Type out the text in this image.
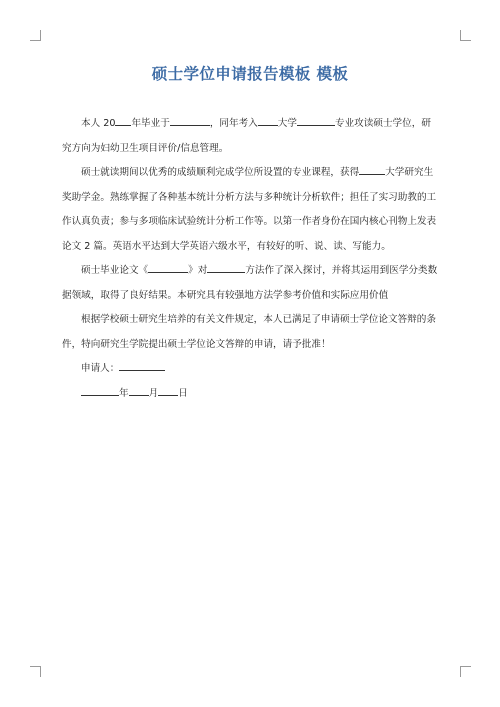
硕士学位申请报告模板 模板

本人 20 年毕业于	，同年考入 大学	专业攻读硕士学位，研究方向为妇幼卫生项目评价/信息管理。

硕士就读期间以优秀的成绩顺利完成学位所设置的专业课程，获得	大学研究生奖助学金。熟练掌握了各种基本统计分析方法与多种统计分析软件；担任了实习助教的工作认真负责；参与多项临床试验统计分析工作等。以第一作者身份在国内核心刊物上发表论文 2 篇。英语水平达到大学英语六级水平，有较好的听、说、读、写能力。

硕士毕业论文《	》对	方法作了深入探讨，并将其运用到医学分类数据领域，取得了良好结果。本研究具有较强地方法学参考价值和实际应用价值

根据学校硕士研究生培养的有关文件规定，本人已满足了申请硕士学位论文答辩的条件，特向研究生学院提出硕士学位论文答辩的申请，请予批准！

申请人：

年 月 日
